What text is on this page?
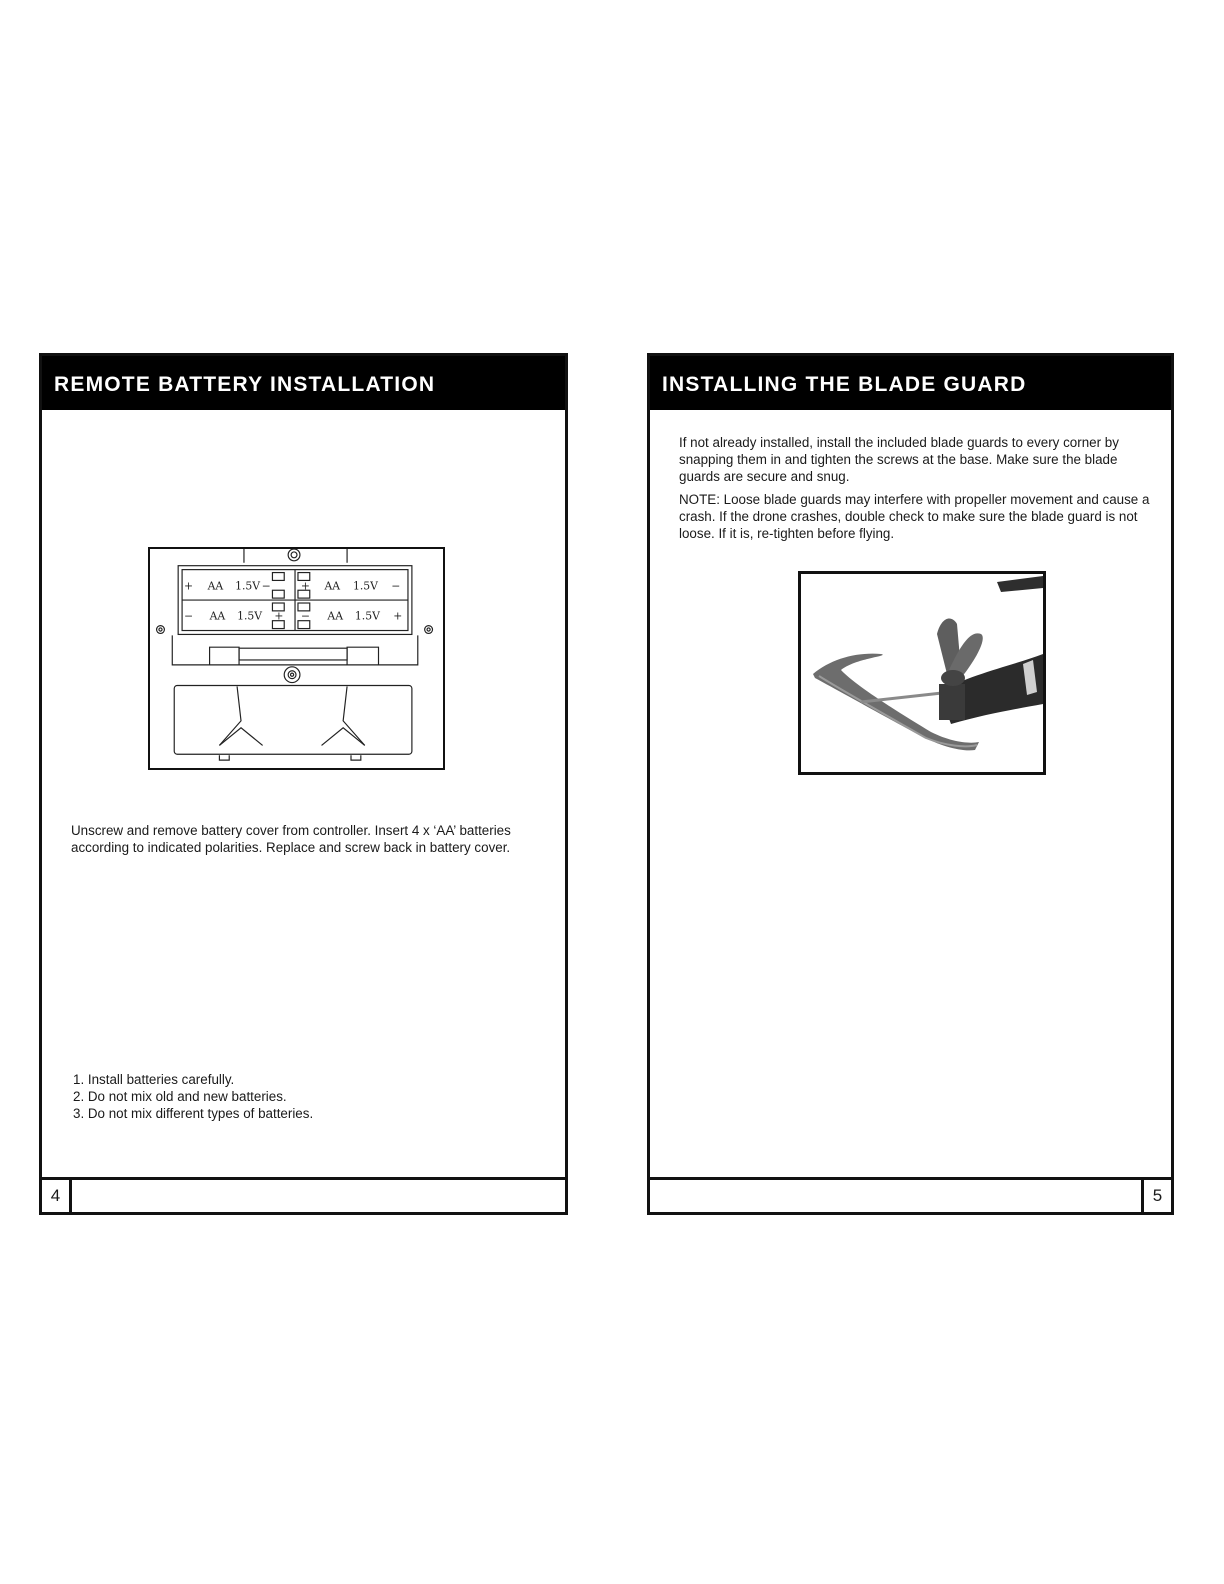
REMOTE BATTERY INSTALLATION
+ AA 1.5V −	+ AA 1.5V −
− AA 1.5V + − AA 1.5V +

Unscrew and remove battery cover from controller. Insert 4 x ‘AA’ batteries according to indicated polarities. Replace and screw back in battery cover.

1. Install batteries carefully.
2. Do not mix old and new batteries.
3. Do not mix different types of batteries.
4
INSTALLING THE BLADE GUARD

If not already installed, install the included blade guards to every corner by snapping them in and tighten the screws at the base. Make sure the blade guards are secure and snug.

NOTE: Loose blade guards may interfere with propeller movement and cause a crash. If the drone crashes, double check to make sure the blade guard is not loose. If it is, re-tighten before flying.

5
